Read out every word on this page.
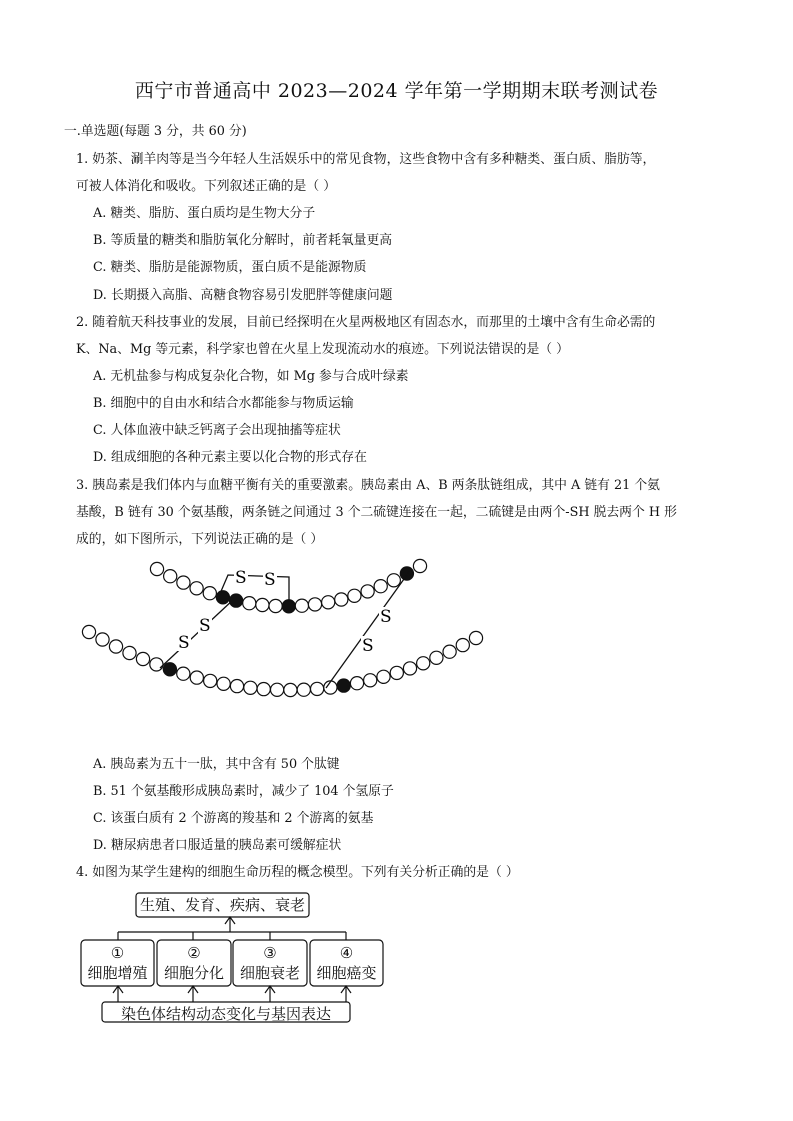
西宁市普通高中 2023—2024 学年第一学期期末联考测试卷
一.单选题(每题 3 分，共 60 分)
1. 奶茶、涮羊肉等是当今年轻人生活娱乐中的常见食物，这些食物中含有多种糖类、蛋白质、脂肪等，
可被人体消化和吸收。下列叙述正确的是（ ）
A. 糖类、脂肪、蛋白质均是生物大分子
B. 等质量的糖类和脂肪氧化分解时，前者耗氧量更高
C. 糖类、脂肪是能源物质，蛋白质不是能源物质
D. 长期摄入高脂、高糖食物容易引发肥胖等健康问题
2. 随着航天科技事业的发展，目前已经探明在火星两极地区有固态水，而那里的土壤中含有生命必需的
K、Na、Mg 等元素，科学家也曾在火星上发现流动水的痕迹。下列说法错误的是（ ）
A. 无机盐参与构成复杂化合物，如 Mg 参与合成叶绿素
B. 细胞中的自由水和结合水都能参与物质运输
C. 人体血液中缺乏钙离子会出现抽搐等症状
D. 组成细胞的各种元素主要以化合物的形式存在
3. 胰岛素是我们体内与血糖平衡有关的重要激素。胰岛素由 A、B 两条肽链组成，其中 A 链有 21 个氨
基酸，B 链有 30 个氨基酸，两条链之间通过 3 个二硫键连接在一起，二硫键是由两个-SH 脱去两个 H 形
成的，如下图所示，下列说法正确的是（ ）
S S
S
S
S
S
A. 胰岛素为五十一肽，其中含有 50 个肽键
B. 51 个氨基酸形成胰岛素时，减少了 104 个氢原子
C. 该蛋白质有 2 个游离的羧基和 2 个游离的氨基
D. 糖尿病患者口服适量的胰岛素可缓解症状
4. 如图为某学生建构的细胞生命历程的概念模型。下列有关分析正确的是（ ）
生殖、发育、疾病、衰老
①
细胞增殖
②
细胞分化
③
细胞衰老
④
细胞癌变
染色体结构动态变化与基因表达
